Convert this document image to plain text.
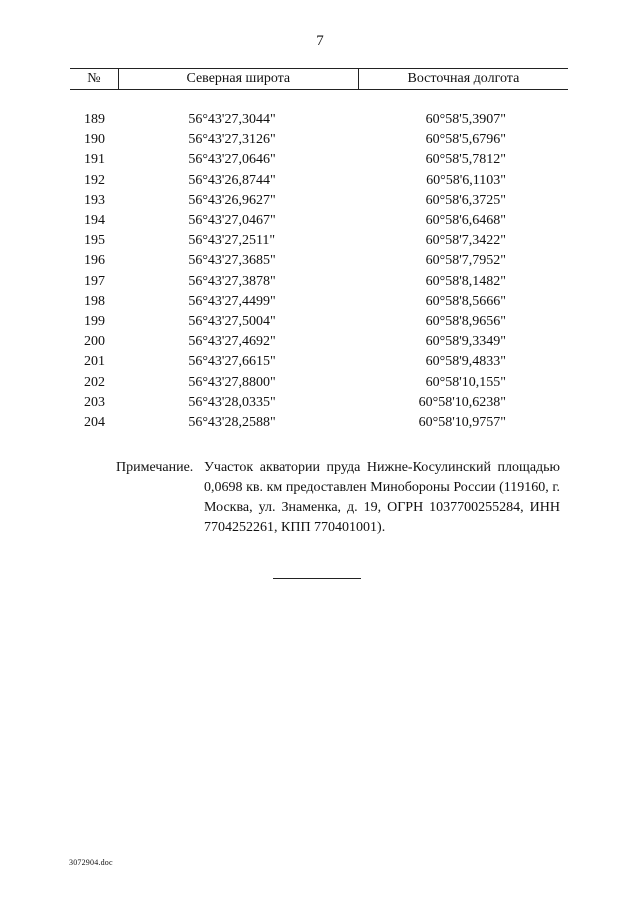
7
№	Северная широта	Восточная долгота

189	56°43'27,3044"	60°58'5,3907"
190	56°43'27,3126"	60°58'5,6796"
191	56°43'27,0646"	60°58'5,7812"
192	56°43'26,8744"	60°58'6,1103"
193	56°43'26,9627"	60°58'6,3725"
194	56°43'27,0467"	60°58'6,6468"
195	56°43'27,2511"	60°58'7,3422"
196	56°43'27,3685"	60°58'7,7952"
197	56°43'27,3878"	60°58'8,1482"
198	56°43'27,4499"	60°58'8,5666"
199	56°43'27,5004"	60°58'8,9656"
200	56°43'27,4692"	60°58'9,3349"
201	56°43'27,6615"	60°58'9,4833"
202	56°43'27,8800"	60°58'10,155"
203	56°43'28,0335"	60°58'10,6238"
204	56°43'28,2588"	60°58'10,9757"
Примечание. Участок акватории пруда Нижне-Косулинский площадью 0,0698 кв. км предоставлен Минобороны России (119160, г. Москва, ул. Знаменка, д. 19, ОГРН 1037700255284, ИНН 7704252261, КПП 770401001).
3072904.doc
